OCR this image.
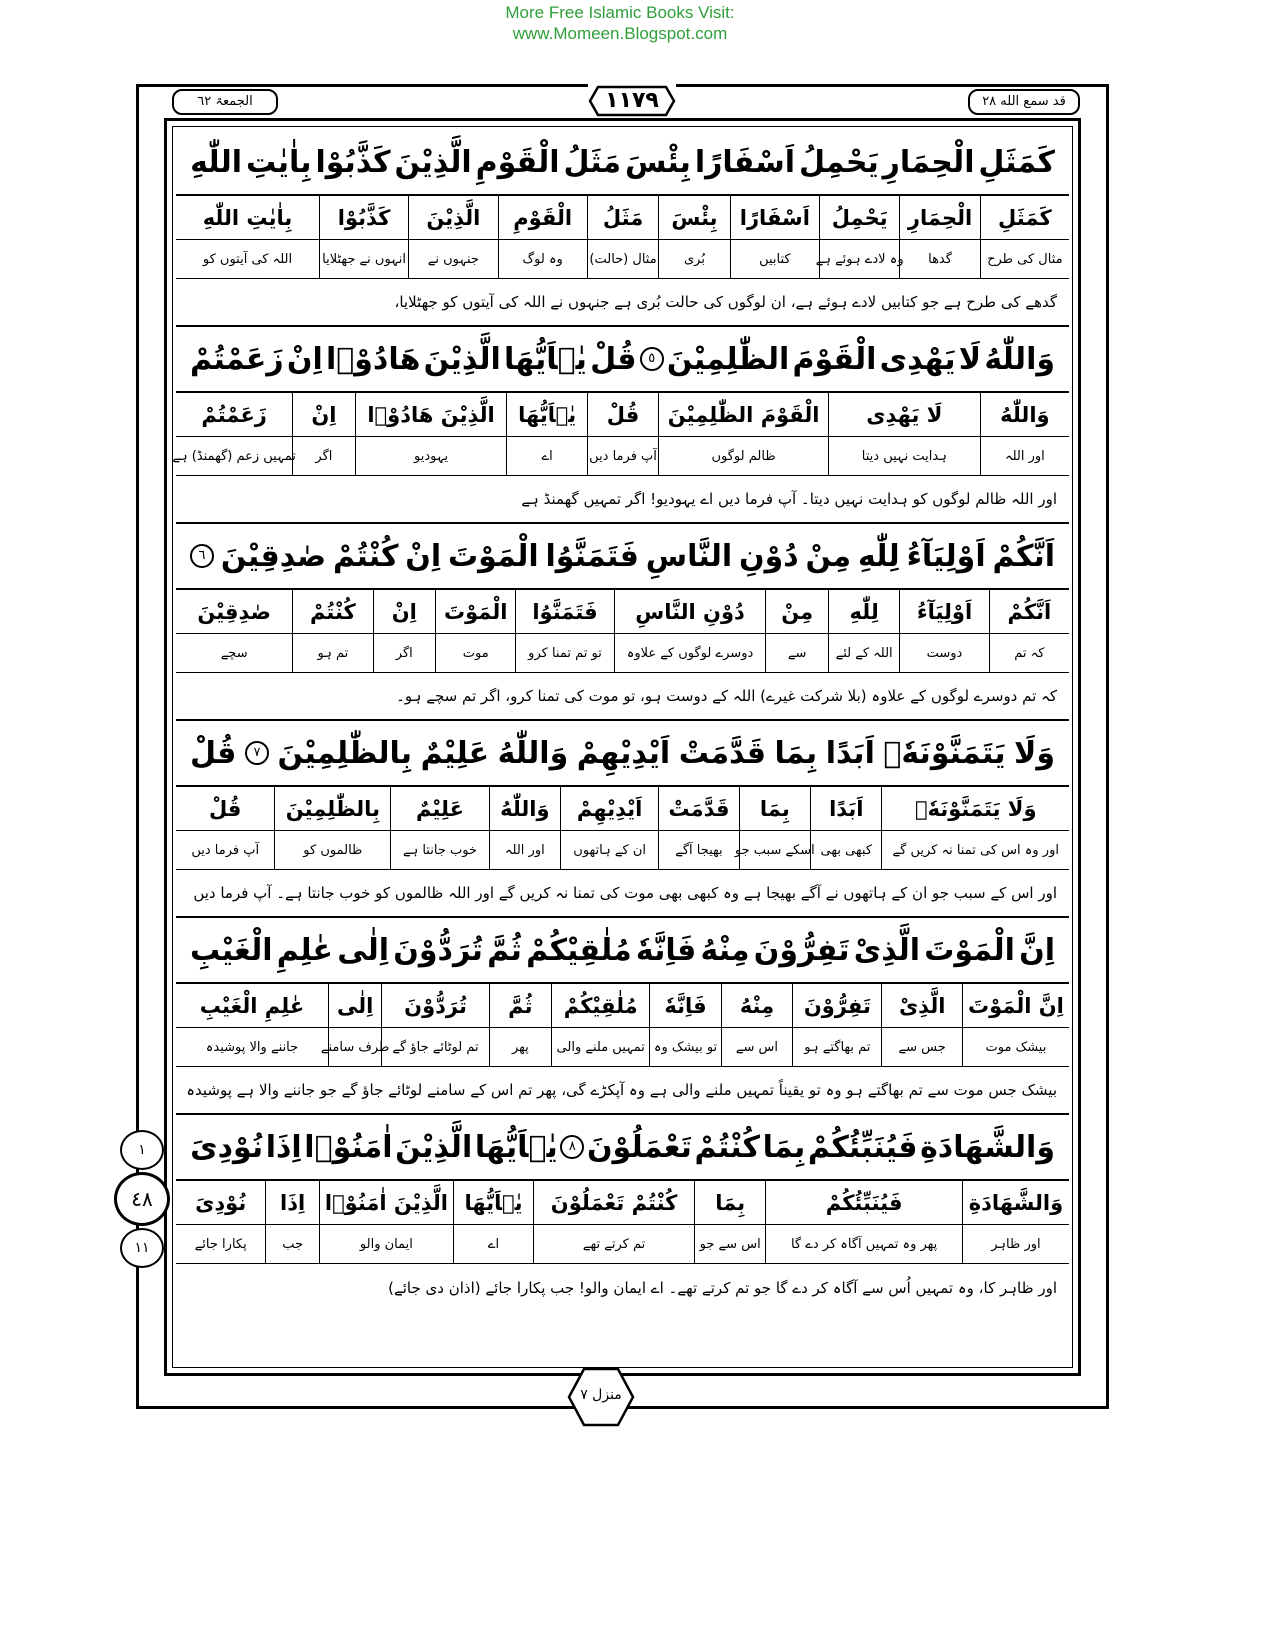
More Free Islamic Books Visit:
www.Momeen.Blogspot.com
قد سمع الله ٢٨
١١٧٩
الجمعۃ ٦٢
كَمَثَلِ
الْحِمَارِ
يَحْمِلُ
اَسْفَارًا
بِئْسَ
مَثَلُ
الْقَوْمِ
الَّذِيْنَ
كَذَّبُوْا
بِاٰيٰتِ
اللّٰهِ
كَمَثَلِ
الْحِمَارِ
يَحْمِلُ
اَسْفَارًا
بِئْسَ
مَثَلُ
الْقَوْمِ
الَّذِيْنَ
كَذَّبُوْا
بِاٰيٰتِ اللّٰهِ
مثال کی طرح
گدھا
وہ لادے ہوئے ہے
کتابیں
بُری
مثال (حالت)
وہ لوگ
جنہوں نے
انہوں نے جھٹلایا
اللہ کی آیتوں کو
گدھے کی طرح ہے جو کتابیں لادے ہوئے ہے، ان لوگوں کی حالت بُری ہے جنہوں نے اللہ کی آیتوں کو جھٹلایا،
وَاللّٰهُ
لَا
يَهْدِى
الْقَوْمَ
الظّٰلِمِيْنَ
٥
قُلْ
يٰۤاَيُّهَا
الَّذِيْنَ
هَادُوْۤا
اِنْ
زَعَمْتُمْ
وَاللّٰهُ
لَا يَهْدِى
الْقَوْمَ الظّٰلِمِيْنَ
قُلْ
يٰۤاَيُّهَا
الَّذِيْنَ هَادُوْۤا
اِنْ
زَعَمْتُمْ
اور اللہ
ہدایت نہیں دیتا
ظالم لوگوں
آپ فرما دیں
اے
یہودیو
اگر
تمہیں زعم (گھمنڈ) ہے
اور اللہ ظالم لوگوں کو ہدایت نہیں دیتا۔ آپ فرما دیں اے یہودیو! اگر تمہیں گھمنڈ ہے
اَنَّكُمْ
اَوْلِيَآءُ
لِلّٰهِ
مِنْ
دُوْنِ
النَّاسِ
فَتَمَنَّوُا
الْمَوْتَ
اِنْ
كُنْتُمْ
صٰدِقِيْنَ
٦
اَنَّكُمْ
اَوْلِيَآءُ
لِلّٰهِ
مِنْ
دُوْنِ النَّاسِ
فَتَمَنَّوُا
الْمَوْتَ
اِنْ
كُنْتُمْ
صٰدِقِيْنَ
کہ تم
دوست
اللہ کے لئے
سے
دوسرے لوگوں کے علاوہ
تو تم تمنا کرو
موت
اگر
تم ہو
سچے
کہ تم دوسرے لوگوں کے علاوہ (بلا شرکت غیرے) اللہ کے دوست ہو، تو موت کی تمنا کرو، اگر تم سچے ہو۔
وَلَا
يَتَمَنَّوْنَهٗۤ
اَبَدًا
بِمَا
قَدَّمَتْ
اَيْدِيْهِمْ
وَاللّٰهُ
عَلِيْمٌ
بِالظّٰلِمِيْنَ
٧
قُلْ
وَلَا يَتَمَنَّوْنَهٗۤ
اَبَدًا
بِمَا
قَدَّمَتْ
اَيْدِيْهِمْ
وَاللّٰهُ
عَلِيْمٌ
بِالظّٰلِمِيْنَ
قُلْ
اور وہ اس کی تمنا نہ کریں گے
کبھی بھی
اسکے سبب جو
بھیجا آگے
ان کے ہاتھوں
اور اللہ
خوب جانتا ہے
ظالموں کو
آپ فرما دیں
اور اس کے سبب جو ان کے ہاتھوں نے آگے بھیجا ہے وہ کبھی بھی موت کی تمنا نہ کریں گے اور اللہ ظالموں کو خوب جانتا ہے۔ آپ فرما دیں
اِنَّ
الْمَوْتَ
الَّذِىْ
تَفِرُّوْنَ
مِنْهُ
فَاِنَّهٗ
مُلٰقِيْكُمْ
ثُمَّ
تُرَدُّوْنَ
اِلٰى
عٰلِمِ
الْغَيْبِ
اِنَّ الْمَوْتَ
الَّذِىْ
تَفِرُّوْنَ
مِنْهُ
فَاِنَّهٗ
مُلٰقِيْكُمْ
ثُمَّ
تُرَدُّوْنَ
اِلٰى
عٰلِمِ الْغَيْبِ
بیشک موت
جس سے
تم بھاگتے ہو
اس سے
تو بیشک وہ
تمہیں ملنے والی
پھر
تم لوٹائے جاؤ گے
طرف سامنے
جاننے والا پوشیدہ
بیشک جس موت سے تم بھاگتے ہو وہ تو یقیناً تمہیں ملنے والی ہے وہ آپکڑے گی، پھر تم اس کے سامنے لوٹائے جاؤ گے جو جاننے والا ہے پوشیدہ
وَالشَّهَادَةِ
فَيُنَبِّئُكُمْ
بِمَا
كُنْتُمْ
تَعْمَلُوْنَ
٨
يٰۤاَيُّهَا
الَّذِيْنَ
اٰمَنُوْۤا
اِذَا
نُوْدِىَ
وَالشَّهَادَةِ
فَيُنَبِّئُكُمْ
بِمَا
كُنْتُمْ تَعْمَلُوْنَ
يٰۤاَيُّهَا
الَّذِيْنَ اٰمَنُوْۤا
اِذَا
نُوْدِىَ
اور ظاہر
پھر وہ تمہیں آگاہ کر دے گا
اس سے جو
تم کرتے تھے
اے
ایمان والو
جب
پکارا جائے
اور ظاہر کا، وہ تمہیں اُس سے آگاہ کر دے گا جو تم کرتے تھے۔ اے ایمان والو! جب پکارا جائے (اذان دی جائے)
١
٤٨
١١
منزل ٧
